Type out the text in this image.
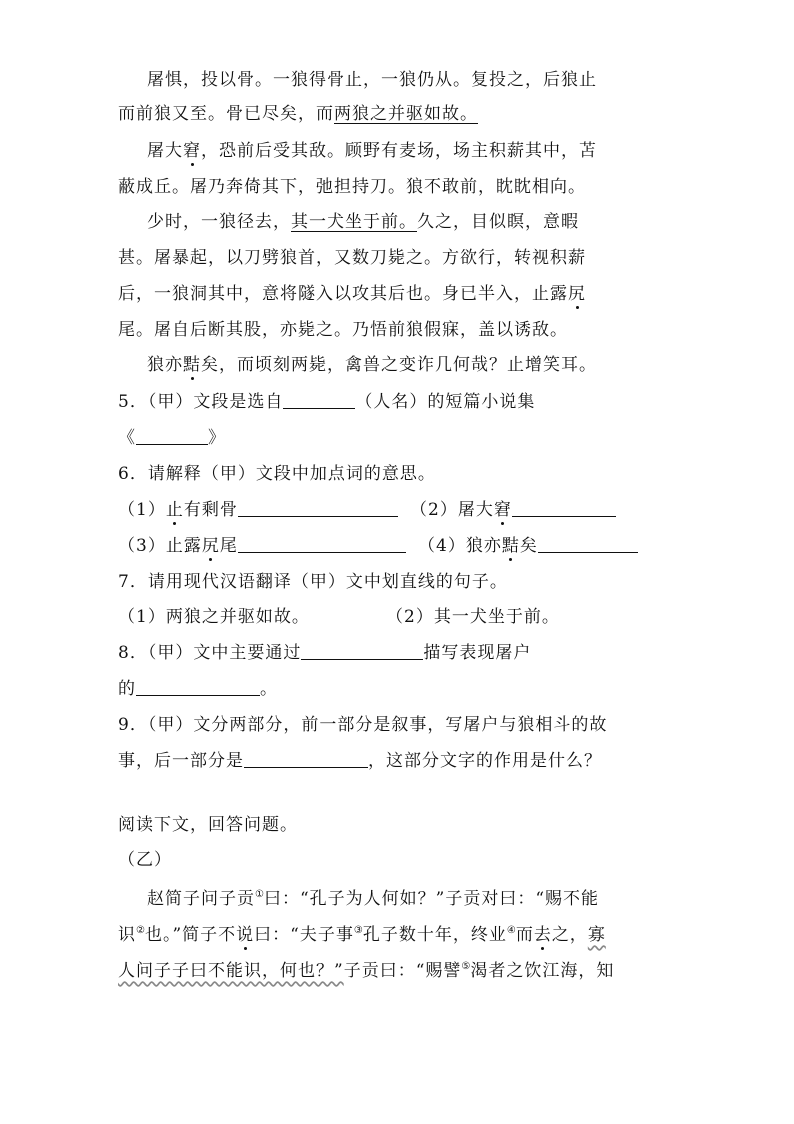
屠惧，投以骨。一狼得骨止，一狼仍从。复投之，后狼止
而前狼又至。骨已尽矣，而两狼之并驱如故。
屠大窘，恐前后受其敌。顾野有麦场，场主积薪其中，苫
蔽成丘。屠乃奔倚其下，弛担持刀。狼不敢前，眈眈相向。
少时，一狼径去，其一犬坐于前。久之，目似瞑，意暇
甚。屠暴起，以刀劈狼首，又数刀毙之。方欲行，转视积薪
后，一狼洞其中，意将隧入以攻其后也。身已半入，止露尻
尾。屠自后断其股，亦毙之。乃悟前狼假寐，盖以诱敌。
狼亦黠矣，而顷刻两毙，禽兽之变诈几何哉？止增笑耳。
5．（甲）文段是选自	（人名）的短篇小说集
《	》
6．请解释（甲）文段中加点词的意思。
（1）止有剩骨	（2）屠大窘
（3）止露尻尾	（4）狼亦黠矣
7．请用现代汉语翻译（甲）文中划直线的句子。
（1）两狼之并驱如故。	（2）其一犬坐于前。
8．（甲）文中主要通过	描写表现屠户
的	。
9．（甲）文分两部分，前一部分是叙事，写屠户与狼相斗的故
事，后一部分是	，这部分文字的作用是什么？
阅读下文，回答问题。
（乙）
赵简子问子贡①曰：“孔子为人何如？”子贡对曰：“赐不能
识②也。”简子不说曰：“夫子事③孔子数十年，终业④而去之，寡
人问子子曰不能识，何也？”子贡曰：“赐譬⑤渴者之饮江海，知
